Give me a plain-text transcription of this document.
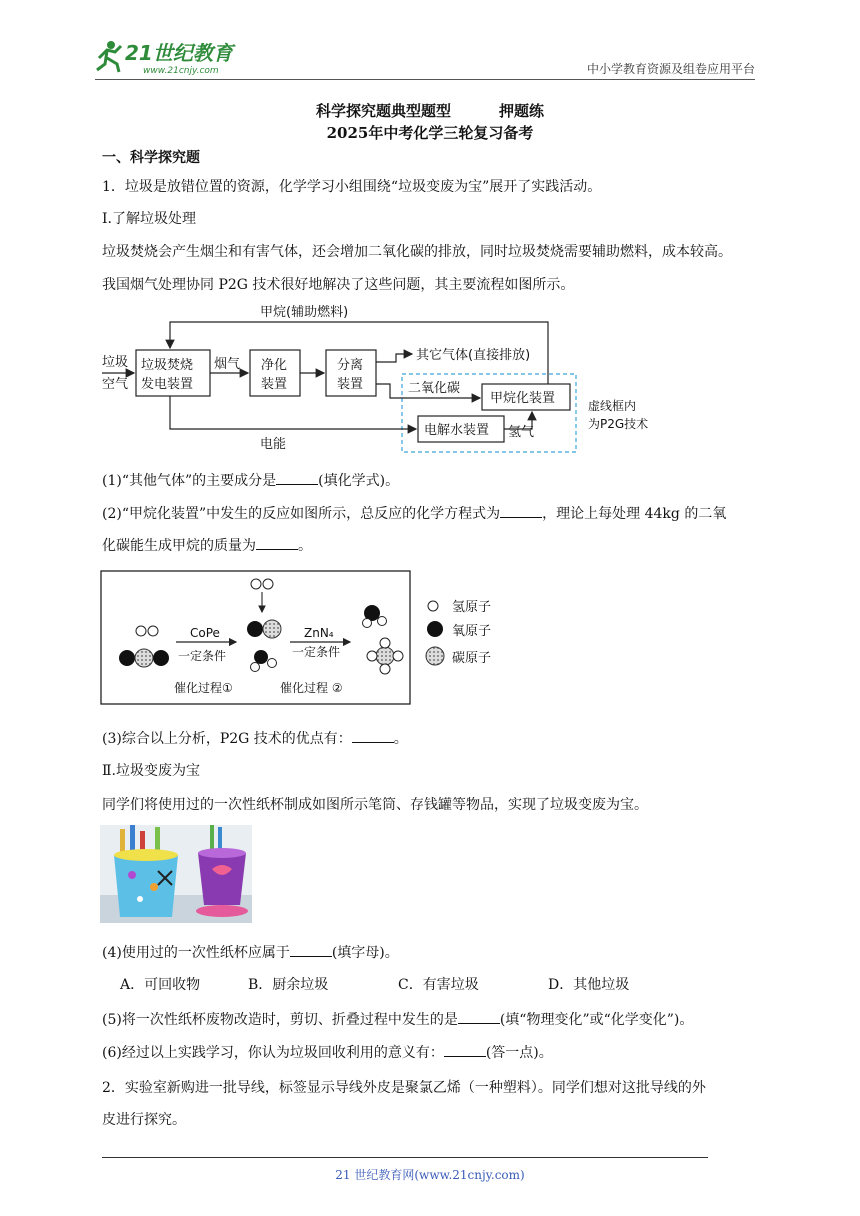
21世纪教育
www.21cnjy.com	中小学教育资源及组卷应用平台
科学探究题典型题型	押题练
2025年中考化学三轮复习备考
一、科学探究题
1．垃圾是放错位置的资源，化学学习小组围绕“垃圾变废为宝”展开了实践活动。
Ⅰ.了解垃圾处理
垃圾焚烧会产生烟尘和有害气体，还会增加二氧化碳的排放，同时垃圾焚烧需要辅助燃料，成本较高。
我国烟气处理协同 P2G 技术很好地解决了这些问题，其主要流程如图所示。
甲烷(辅助燃料)
垃圾
空气
垃圾焚烧
发电装置
烟气 净化
装置
分离
装置
其它气体(直接排放)
二氧化碳
甲烷化装置
电解水装置 氢气
电能
虚线框内
为P2G技术
(1)“其他气体”的主要成分是	(填化学式)。
(2)“甲烷化装置”中发生的反应如图所示，总反应的化学方程式为	，理论上每处理 44kg 的二氧
化碳能生成甲烷的质量为	。
CoPe
一定条件
ZnN₄
一定条件
催化过程①	催化过程 ②
氢原子
氧原子
碳原子
(3)综合以上分析，P2G 技术的优点有：	。
Ⅱ.垃圾变废为宝
同学们将使用过的一次性纸杯制成如图所示笔筒、存钱罐等物品，实现了垃圾变废为宝。
(4)使用过的一次性纸杯应属于	(填字母)。
A．可回收物	B．厨余垃圾	C．有害垃圾	D．其他垃圾
(5)将一次性纸杯废物改造时，剪切、折叠过程中发生的是	(填“物理变化”或“化学变化”)。
(6)经过以上实践学习，你认为垃圾回收利用的意义有：	(答一点)。
2．实验室新购进一批导线，标签显示导线外皮是聚氯乙烯（一种塑料）。同学们想对这批导线的外
皮进行探究。
21 世纪教育网(www.21cnjy.com)
